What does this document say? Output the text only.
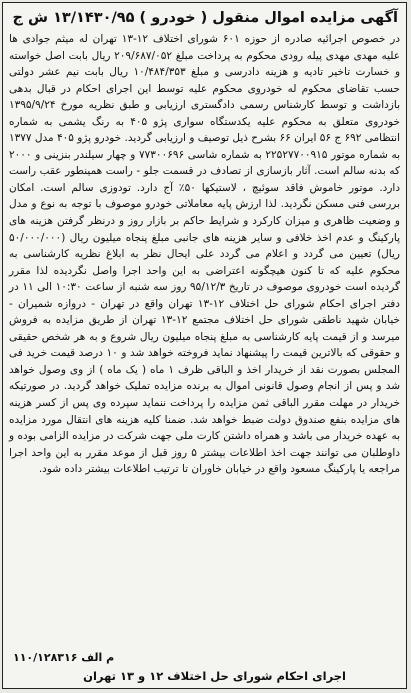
آگهی مزایده اموال منقول ( خودرو ) ۱۳/۱۴۳۰/۹۵ ش ج
در خصوص اجرائیه صادره از حوزه ۶۰۱ شورای اختلاف ۱۲-۱۳ تهران له میثم جوادی ها علیه مهدی مهدی پیله رودی محکوم به پرداخت مبلغ ۲۰۹/۶۸۷/۰۵۲ ریال بابت اصل خواسته و خسارت تاخیر تادیه و هزینه دادرسی و مبلغ ۱۰/۴۸۴/۳۵۳ ریال بابت نیم عشر دولتی حسب تقاضای محکوم له خودروی محکوم علیه توسط این اجرای احکام در قبال بدهی بازداشت و توسط کارشناس رسمی دادگستری ارزیابی و طبق نظریه مورخ ۱۳۹۵/۹/۲۴ خودروی متعلق به محکوم علیه یکدستگاه سواری پژو ۴۰۵ به رنگ یشمی به شماره انتظامی ۶۹۲ ج ۵۶ ایران ۶۶ بشرح ذیل توصیف و ارزیابی گردید. خودرو پژو ۴۰۵ مدل ۱۳۷۷ به شماره موتور ۲۲۵۲۷۷۰۰۹۱۵ به شماره شاسی ۷۷۳۰۰۶۹۶ و چهار سیلندر بنزینی و ۲۰۰۰ که بدنه سالم است. آثار بازسازی از تصادف در قسمت جلو - راست همینطور عقب راست دارد. موتور خاموش فاقد سوئیچ ، لاستیکها ۵۰٪ آج دارد. تودوزی سالم است. امکان بررسی فنی مسکن نگردید. لذا ارزش پایه معاملاتی خودرو موصوف با توجه به نوع و مدل و وضعیت ظاهری و میزان کارکرد و شرایط حاکم بر بازار روز و درنظر گرفتن هزینه های پارکینگ و عدم اخذ خلافی و سایر هزینه های جانبی مبلغ پنجاه میلیون ریال (۵۰/۰۰۰/۰۰۰ ریال) تعیین می گردد و اعلام می گردد علی ایحال نظر به ابلاغ نظریه کارشناسی به محکوم علیه که تا کنون هیچگونه اعتراضی به این واحد اجرا واصل نگردیده لذا مقرر گردیده است خودروی موصوف در تاریخ ۹۵/۱۲/۳ روز سه شنبه از ساعت ۱۰:۳۰ الی ۱۱ در دفتر اجرای احکام شورای حل اختلاف ۱۲-۱۳ تهران واقع در تهران - دروازه شمیران - خیابان شهید ناطقی شورای حل اختلاف مجتمع ۱۲-۱۳ تهران از طریق مزایده به فروش میرسد و از قیمت پایه کارشناسی به مبلغ پنجاه میلیون ریال شروع و به هر شخص حقیقی و حقوقی که بالاترین قیمت را پیشنهاد نماید فروخته خواهد شد و ۱۰ درصد قیمت خرید فی المجلس بصورت نقد از خریدار اخذ و الباقی ظرف ۱ ماه ( یک ماه ) از وی وصول خواهد شد و پس از انجام وصول قانونی اموال به برنده مزایده تملیک خواهد گردید. در صورتیکه خریدار در مهلت مقرر الباقی ثمن مزایده را پرداخت ننماید سپرده وی پس از کسر هزینه های مزایده بنفع صندوق دولت ضبط خواهد شد. ضمنا کلیه هزینه های انتقال مورد مزایده به عهده خریدار می باشد و همراه داشتن کارت ملی جهت شرکت در مزایده الزامی بوده و داوطلبان می توانند جهت اخذ اطلاعات بیشتر ۵ روز قبل از موعد مقرر به این واحد اجرا مراجعه یا پارکینگ مسعود واقع در خیابان خاوران تا ترتیب اطلاعات بیشتر داده شود.
م الف ۱۱۰/۱۲۸۳۱۶
اجرای احکام شورای حل اختلاف ۱۲ و ۱۳ تهران
